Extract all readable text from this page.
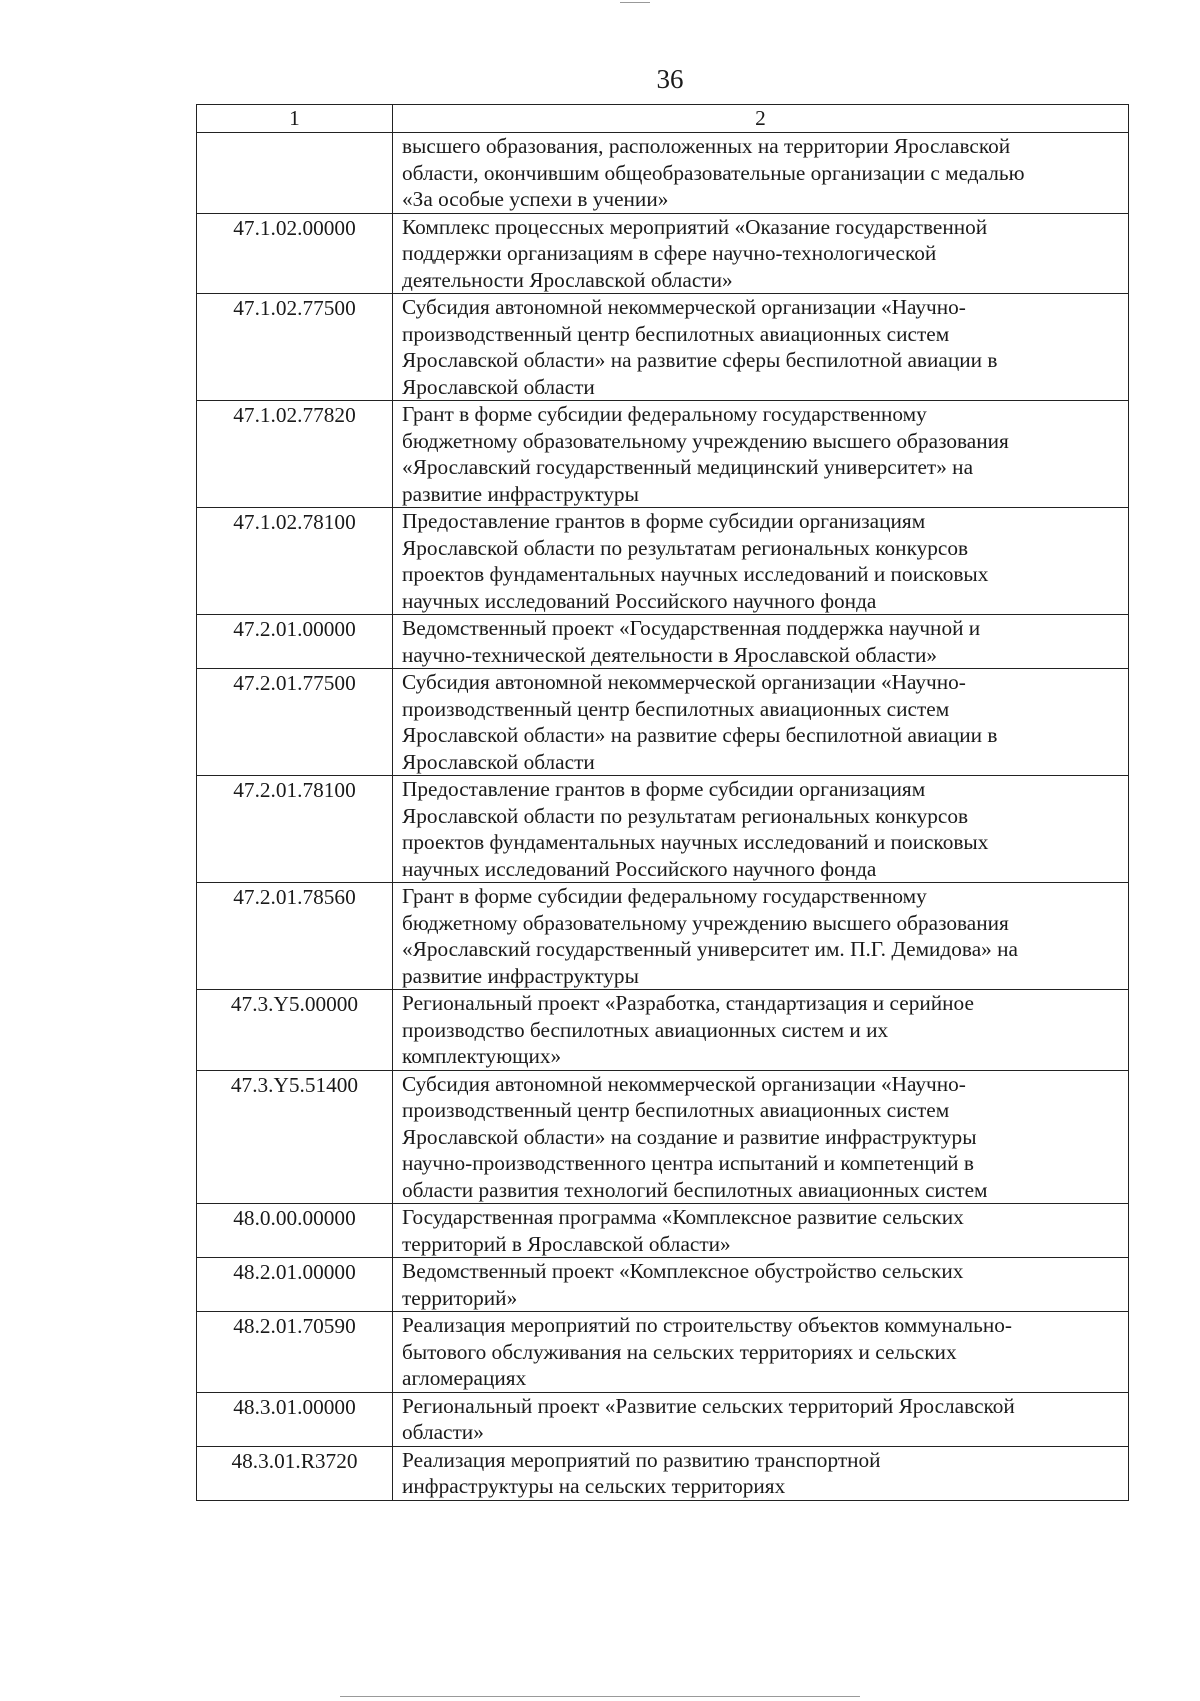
36
1	2

	высшего образования, расположенных на территории Ярославской
области, окончившим общеобразовательные организации с медалью
«За особые успехи в учении»

47.1.02.00000	Комплекс процессных мероприятий «Оказание государственной
поддержки организациям в сфере научно-технологической
деятельности Ярославской области»

47.1.02.77500	Субсидия автономной некоммерческой организации «Научно-
производственный центр беспилотных авиационных систем
Ярославской области» на развитие сферы беспилотной авиации в
Ярославской области

47.1.02.77820	Грант в форме субсидии федеральному государственному
бюджетному образовательному учреждению высшего образования
«Ярославский государственный медицинский университет» на
развитие инфраструктуры

47.1.02.78100	Предоставление грантов в форме субсидии организациям
Ярославской области по результатам региональных конкурсов
проектов фундаментальных научных исследований и поисковых
научных исследований Российского научного фонда

47.2.01.00000	Ведомственный проект «Государственная поддержка научной и
научно-технической деятельности в Ярославской области»

47.2.01.77500	Субсидия автономной некоммерческой организации «Научно-
производственный центр беспилотных авиационных систем
Ярославской области» на развитие сферы беспилотной авиации в
Ярославской области

47.2.01.78100	Предоставление грантов в форме субсидии организациям
Ярославской области по результатам региональных конкурсов
проектов фундаментальных научных исследований и поисковых
научных исследований Российского научного фонда

47.2.01.78560	Грант в форме субсидии федеральному государственному
бюджетному образовательному учреждению высшего образования
«Ярославский государственный университет им. П.Г. Демидова» на
развитие инфраструктуры

47.3.Y5.00000	Региональный проект «Разработка, стандартизация и серийное
производство беспилотных авиационных систем и их
комплектующих»

47.3.Y5.51400	Субсидия автономной некоммерческой организации «Научно-
производственный центр беспилотных авиационных систем
Ярославской области» на создание и развитие инфраструктуры
научно-производственного центра испытаний и компетенций в
области развития технологий беспилотных авиационных систем

48.0.00.00000	Государственная программа «Комплексное развитие сельских
территорий в Ярославской области»

48.2.01.00000	Ведомственный проект «Комплексное обустройство сельских
территорий»

48.2.01.70590	Реализация мероприятий по строительству объектов коммунально-
бытового обслуживания на сельских территориях и сельских
агломерациях

48.3.01.00000	Региональный проект «Развитие сельских территорий Ярославской
области»

48.3.01.R3720	Реализация мероприятий по развитию транспортной
инфраструктуры на сельских территориях
